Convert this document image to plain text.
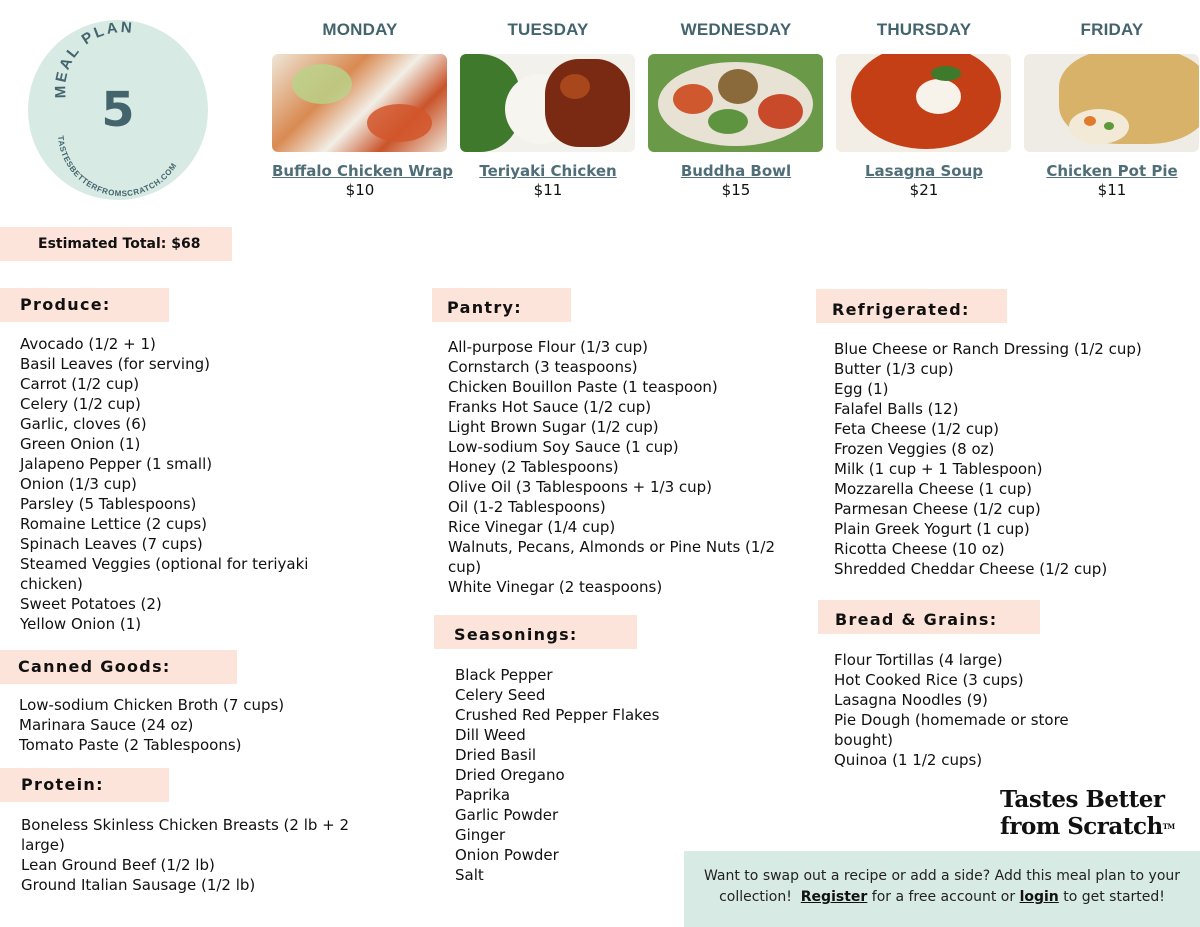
MEAL PLAN
TASTESBETTERFROMSCRATCH.COM
5
MONDAY
Buffalo Chicken Wrap
$10
TUESDAY
Teriyaki Chicken
$11
WEDNESDAY
Buddha Bowl
$15
THURSDAY
Lasagna Soup
$21
FRIDAY
Chicken Pot Pie
$11
Estimated Total: $68
Produce:
Avocado (1/2 + 1)
Basil Leaves (for serving)
Carrot (1/2 cup)
Celery (1/2 cup)
Garlic, cloves (6)
Green Onion (1)
Jalapeno Pepper (1 small)
Onion (1/3 cup)
Parsley (5 Tablespoons)
Romaine Lettice (2 cups)
Spinach Leaves (7 cups)
Steamed Veggies (optional for teriyaki chicken)
Sweet Potatoes (2)
Yellow Onion (1)
Canned Goods:
Low-sodium Chicken Broth (7 cups)
Marinara Sauce (24 oz)
Tomato Paste (2 Tablespoons)
Protein:
Boneless Skinless Chicken Breasts (2 lb + 2 large)
Lean Ground Beef (1/2 lb)
Ground Italian Sausage (1/2 lb)
Pantry:
All-purpose Flour (1/3 cup)
Cornstarch (3 teaspoons)
Chicken Bouillon Paste (1 teaspoon)
Franks Hot Sauce (1/2 cup)
Light Brown Sugar (1/2 cup)
Low-sodium Soy Sauce (1 cup)
Honey (2 Tablespoons)
Olive Oil (3 Tablespoons + 1/3 cup)
Oil (1-2 Tablespoons)
Rice Vinegar (1/4 cup)
Walnuts, Pecans, Almonds or Pine Nuts (1/2 cup)
White Vinegar (2 teaspoons)
Seasonings:
Black Pepper
Celery Seed
Crushed Red Pepper Flakes
Dill Weed
Dried Basil
Dried Oregano
Paprika
Garlic Powder
Ginger
Onion Powder
Salt
Refrigerated:
Blue Cheese or Ranch Dressing (1/2 cup)
Butter (1/3 cup)
Egg (1)
Falafel Balls (12)
Feta Cheese (1/2 cup)
Frozen Veggies (8 oz)
Milk (1 cup + 1 Tablespoon)
Mozzarella Cheese (1 cup)
Parmesan Cheese (1/2 cup)
Plain Greek Yogurt (1 cup)
Ricotta Cheese (10 oz)
Shredded Cheddar Cheese (1/2 cup)
Bread & Grains:
Flour Tortillas (4 large)
Hot Cooked Rice (3 cups)
Lasagna Noodles (9)
Pie Dough (homemade or store bought)
Quinoa (1 1/2 cups)
Tastes Better
from Scratch™
Want to swap out a recipe or add a side? Add this meal plan to your collection! Register for a free account or login to get started!
